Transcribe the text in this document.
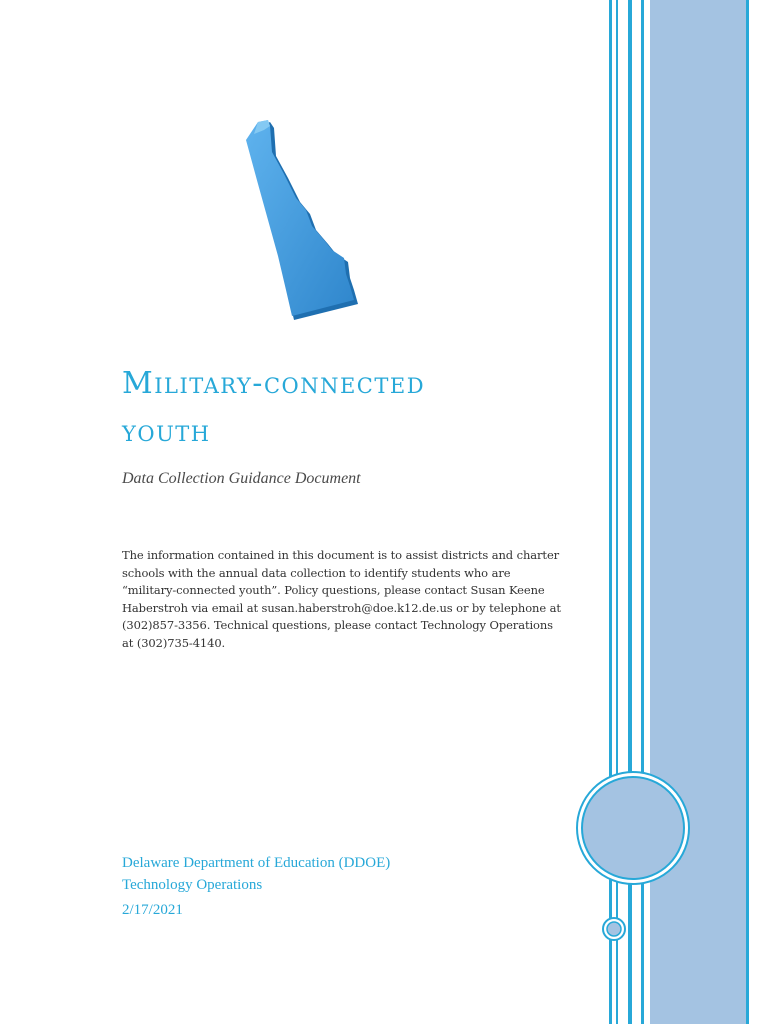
Military-connected
youth
Data Collection Guidance Document
The information contained in this document is to assist districts and charter schools with the annual data collection to identify students who are “military-connected youth”. Policy questions, please contact Susan Keene Haberstroh via email at susan.haberstroh@doe.k12.de.us or by telephone at (302)857-3356. Technical questions, please contact Technology Operations at (302)735-4140.
Delaware Department of Education (DDOE)
Technology Operations
2/17/2021
